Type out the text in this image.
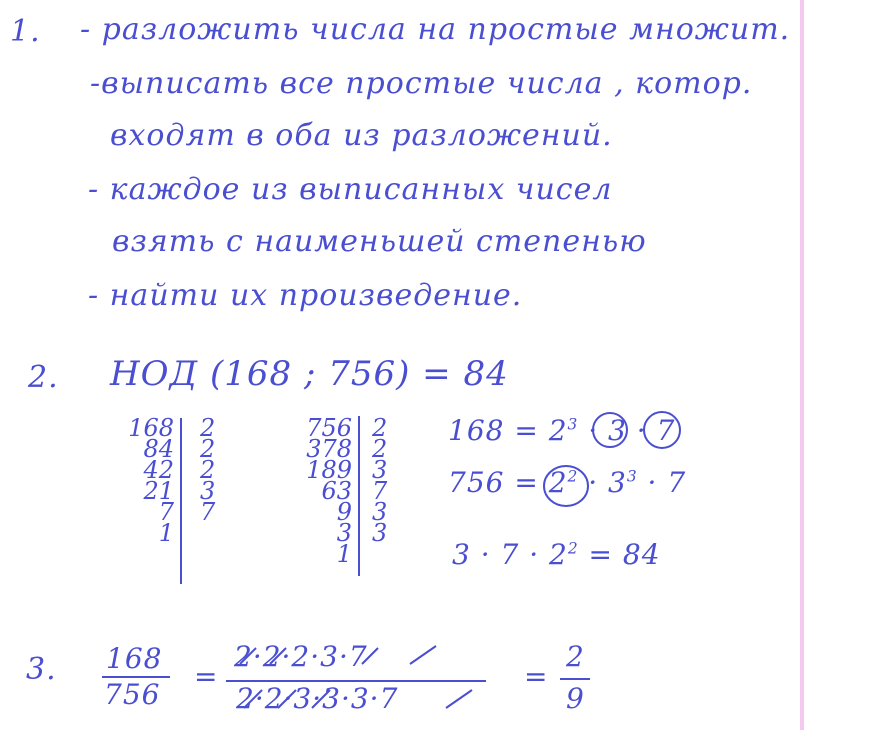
1. - разложить числа на простые множит.
-выписать все простые числа , котор.
входят в оба из разложений.
- каждое из выписанных чисел
взять с наименьшей степенью
- найти их произведение.
2. НОД (168 ; 756) = 84
168
84
42
21
7
1
2
2
2
3
7
756
378
189
63
9
3
1
2
2
3
7
3
3
$168 = 2^3 \cdot 3 \cdot 7$
$756 = 2^2 \cdot 3^3 \cdot 7$
$3 \cdot 7 \cdot 2^2 = 84$
3. 168
756
=
2·2·2·3·7
2·2·3·3·3·7
=
2
9
